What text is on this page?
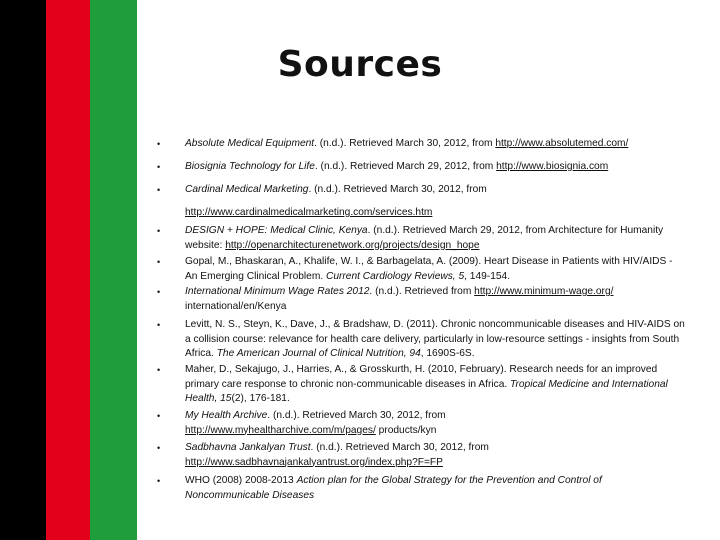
Sources
•	Absolute Medical Equipment. (n.d.). Retrieved March 30, 2012, from http://www.absolutemed.com/
•	Biosignia Technology for Life. (n.d.). Retrieved March 29, 2012, from http://www.biosignia.com
•	Cardinal Medical Marketing. (n.d.). Retrieved March 30, 2012, from
http://www.cardinalmedicalmarketing.com/services.htm
•	DESIGN + HOPE: Medical Clinic, Kenya. (n.d.). Retrieved March 29, 2012, from Architecture for Humanity website: http://openarchitecturenetwork.org/projects/design_hope
•	Gopal, M., Bhaskaran, A., Khalife, W. I., & Barbagelata, A. (2009). Heart Disease in Patients with HIV/AIDS - An Emerging Clinical Problem. Current Cardiology Reviews, 5, 149-154.
•	International Minimum Wage Rates 2012. (n.d.). Retrieved from http://www.minimum-wage.org/
international/en/Kenya
•	Levitt, N. S., Steyn, K., Dave, J., & Bradshaw, D. (2011). Chronic noncommunicable diseases and HIV-AIDS on a collision course: relevance for health care delivery, particularly in low-resource settings - insights from South Africa. The American Journal of Clinical Nutrition, 94, 1690S-6S.
•	Maher, D., Sekajugo, J., Harries, A., & Grosskurth, H. (2010, February). Research needs for an improved primary care response to chronic non-communicable diseases in Africa. Tropical Medicine and International Health, 15(2), 176-181.
•	My Health Archive. (n.d.). Retrieved March 30, 2012, from
http://www.myhealtharchive.com/m/pages/ products/kyn
•	Sadbhavna Jankalyan Trust. (n.d.). Retrieved March 30, 2012, from
http://www.sadbhavnajankalyantrust.org/index.php?F=FP
•	WHO (2008) 2008-2013 Action plan for the Global Strategy for the Prevention and Control of Noncommunicable Diseases
